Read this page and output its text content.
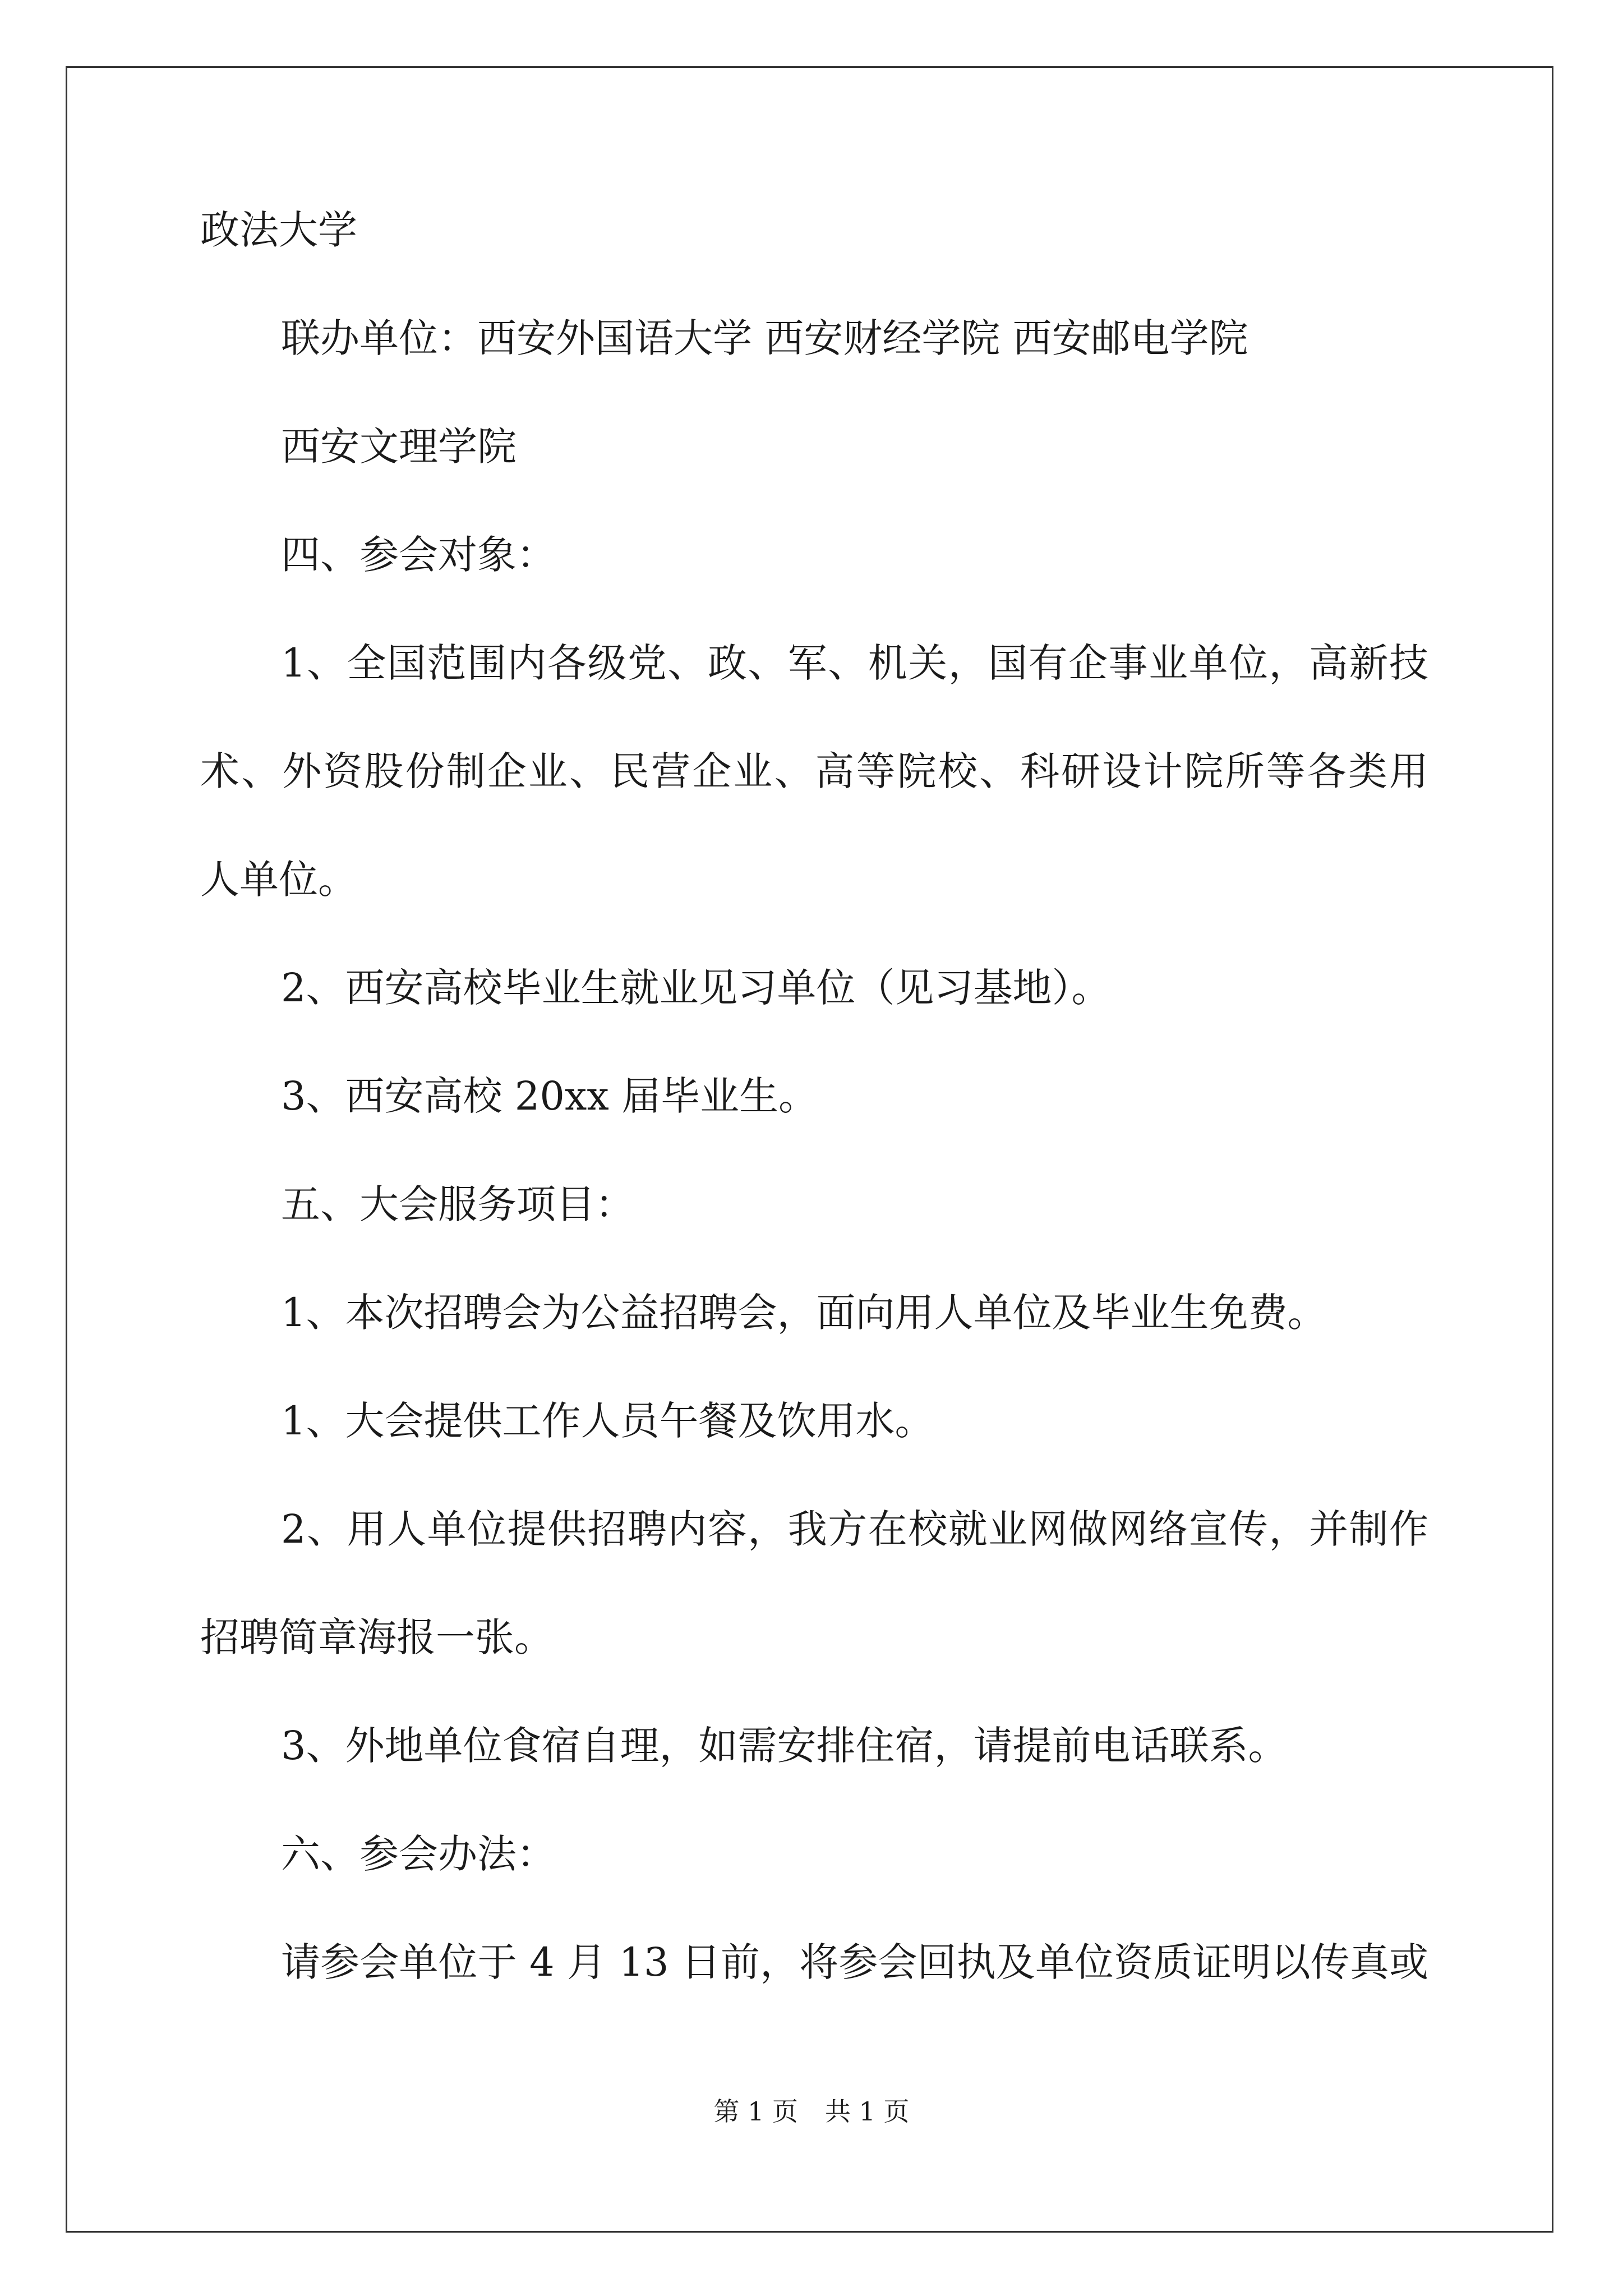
政法大学
联办单位：西安外国语大学 西安财经学院 西安邮电学院
西安文理学院
四、参会对象：
1、全国范围内各级党、政、军、机关，国有企事业单位，高新技
术、外资股份制企业、民营企业、高等院校、科研设计院所等各类用
人单位。
2、西安高校毕业生就业见习单位（见习基地）。
3、西安高校 20xx 届毕业生。
五、大会服务项目：
1、本次招聘会为公益招聘会，面向用人单位及毕业生免费。
1、大会提供工作人员午餐及饮用水。
2、用人单位提供招聘内容，我方在校就业网做网络宣传，并制作
招聘简章海报一张。
3、外地单位食宿自理，如需安排住宿，请提前电话联系。
六、参会办法：
请参会单位于 4 月 13 日前，将参会回执及单位资质证明以传真或
第 1 页 共 1 页
